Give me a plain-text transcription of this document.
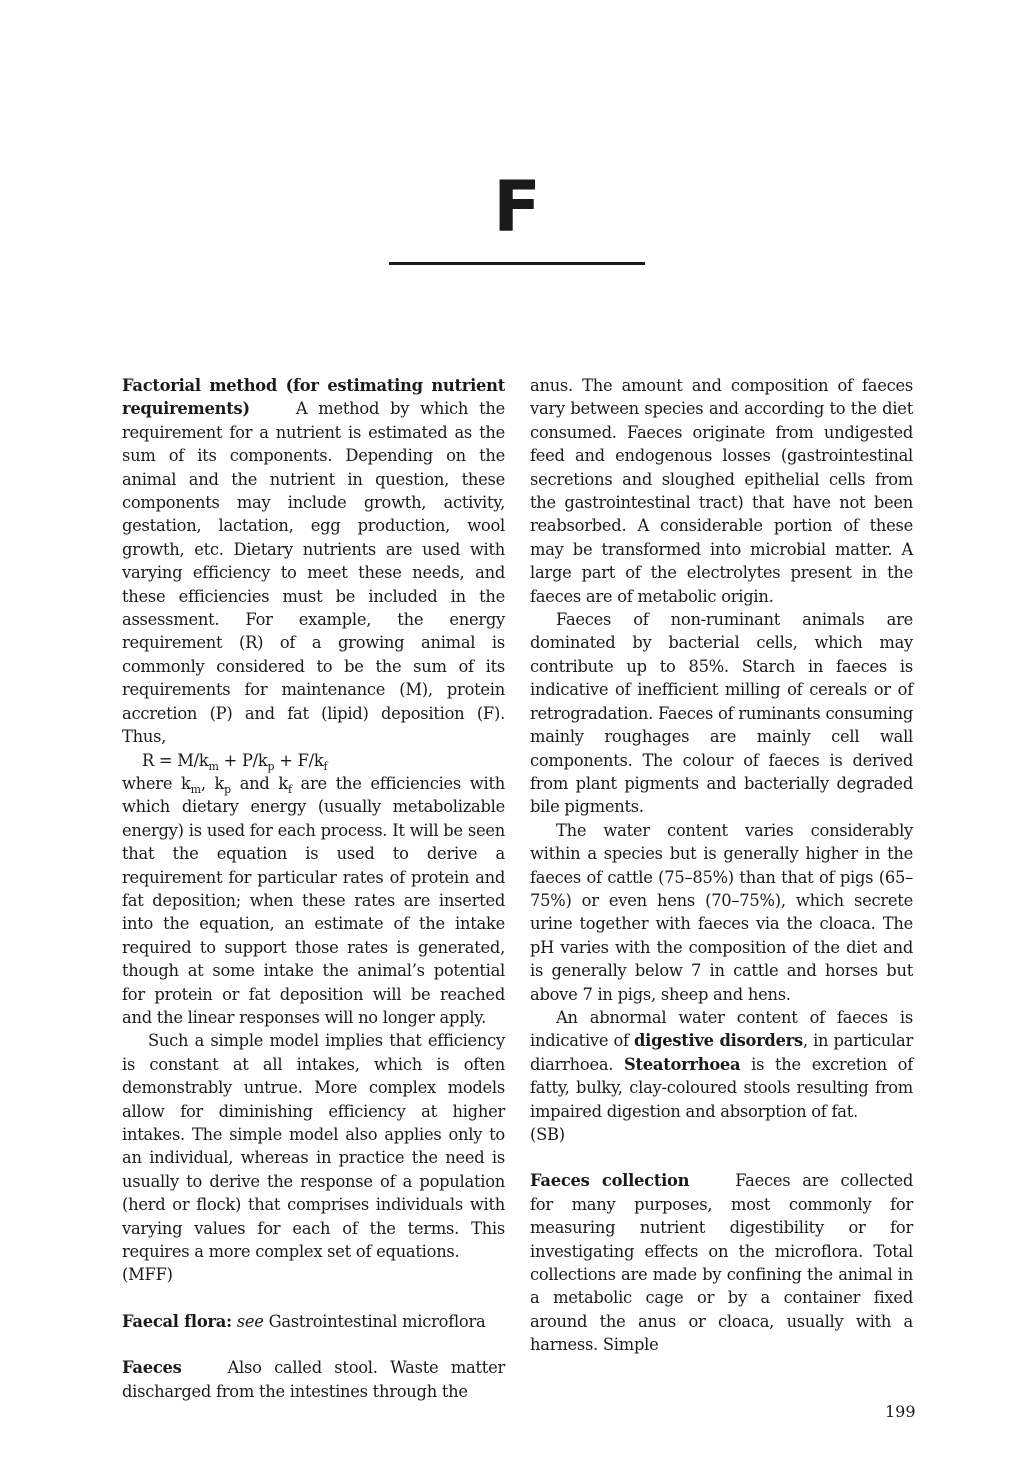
F

Factorial method (for estimating nutrient requirements)	A method by which the requirement for a nutrient is estimated as the sum of its components. Depending on the animal and the nutrient in question, these components may include growth, activity, gestation, lactation, egg production, wool growth, etc. Dietary nutrients are used with varying efficiency to meet these needs, and these efficiencies must be included in the assessment. For example, the energy requirement (R) of a growing animal is commonly considered to be the sum of its requirements for maintenance (M), protein accretion (P) and fat (lipid) deposition (F). Thus,

$R = M/k_m + P/k_p + F/k_f$

where $k_m$, $k_p$ and $k_f$ are the efficiencies with which dietary energy (usually metabolizable energy) is used for each process. It will be seen that the equation is used to derive a requirement for particular rates of protein and fat deposition; when these rates are inserted into the equation, an estimate of the intake required to support those rates is generated, though at some intake the animal’s potential for protein or fat deposition will be reached and the linear responses will no longer apply.

Such a simple model implies that efficiency is constant at all intakes, which is often demonstrably untrue. More complex models allow for diminishing efficiency at higher intakes. The simple model also applies only to an individual, whereas in practice the need is usually to derive the response of a population (herd or flock) that comprises individuals with varying values for each of the terms. This requires a more complex set of equations.

(MFF)

Faecal flora: see Gastrointestinal microflora

Faeces	Also called stool. Waste matter discharged from the intestines through the

anus. The amount and composition of faeces vary between species and according to the diet consumed. Faeces originate from undigested feed and endogenous losses (gastrointestinal secretions and sloughed epithelial cells from the gastrointestinal tract) that have not been reabsorbed. A considerable portion of these may be transformed into microbial matter. A large part of the electrolytes present in the faeces are of metabolic origin.

Faeces of non-ruminant animals are dominated by bacterial cells, which may contribute up to 85%. Starch in faeces is indicative of inefficient milling of cereals or of retrogradation. Faeces of ruminants consuming mainly roughages are mainly cell wall components. The colour of faeces is derived from plant pigments and bacterially degraded bile pigments.

The water content varies considerably within a species but is generally higher in the faeces of cattle (75–85%) than that of pigs (65–75%) or even hens (70–75%), which secrete urine together with faeces via the cloaca. The pH varies with the composition of the diet and is generally below 7 in cattle and horses but above 7 in pigs, sheep and hens.

An abnormal water content of faeces is indicative of digestive disorders, in particular diarrhoea. Steatorrhoea is the excretion of fatty, bulky, clay-coloured stools resulting from impaired digestion and absorption of fat.

(SB)

Faeces collection	Faeces are collected for many purposes, most commonly for measuring nutrient digestibility or for investigating effects on the microflora. Total collections are made by confining the animal in a metabolic cage or by a container fixed around the anus or cloaca, usually with a harness. Simple

199
